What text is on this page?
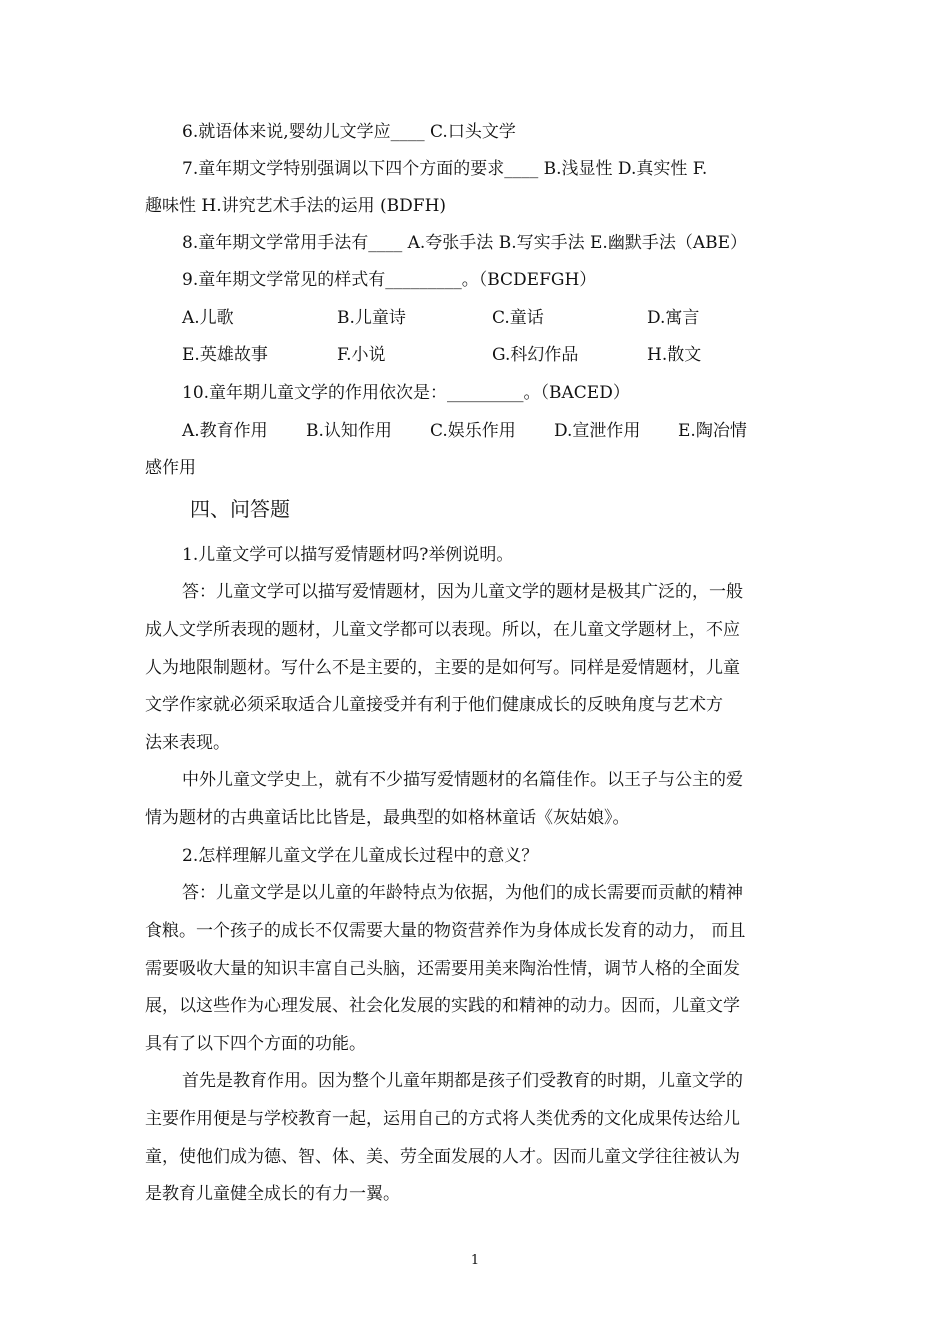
6.就语体来说,婴幼儿文学应____ C.口头文学
7.童年期文学特别强调以下四个方面的要求____ B.浅显性 D.真实性 F.
趣味性 H.讲究艺术手法的运用 (BDFH)
8.童年期文学常用手法有____ A.夸张手法 B.写实手法 E.幽默手法（ABE）
9.童年期文学常见的样式有_________。（BCDEFGH）
A.儿歌	B.儿童诗	C.童话	D.寓言
E.英雄故事	F.小说	G.科幻作品	H.散文
10.童年期儿童文学的作用依次是：_________。（BACED）
A.教育作用	B.认知作用	C.娱乐作用	D.宣泄作用	E.陶冶情
感作用
四、问答题
1.儿童文学可以描写爱情题材吗?举例说明。
答：儿童文学可以描写爱情题材，因为儿童文学的题材是极其广泛的，一般
成人文学所表现的题材，儿童文学都可以表现。所以，在儿童文学题材上，不应
人为地限制题材。写什么不是主要的，主要的是如何写。同样是爱情题材，儿童
文学作家就必须采取适合儿童接受并有利于他们健康成长的反映角度与艺术方
法来表现。
中外儿童文学史上，就有不少描写爱情题材的名篇佳作。以王子与公主的爱
情为题材的古典童话比比皆是，最典型的如格林童话《灰姑娘》。
2.怎样理解儿童文学在儿童成长过程中的意义？
答：儿童文学是以儿童的年龄特点为依据，为他们的成长需要而贡献的精神
食粮。一个孩子的成长不仅需要大量的物资营养作为身体成长发育的动力， 而且
需要吸收大量的知识丰富自己头脑，还需要用美来陶治性情，调节人格的全面发
展，以这些作为心理发展、社会化发展的实践的和精神的动力。因而，儿童文学
具有了以下四个方面的功能。
首先是教育作用。因为整个儿童年期都是孩子们受教育的时期，儿童文学的
主要作用便是与学校教育一起，运用自己的方式将人类优秀的文化成果传达给儿
童，使他们成为德、智、体、美、劳全面发展的人才。因而儿童文学往往被认为
是教育儿童健全成长的有力一翼。
1
